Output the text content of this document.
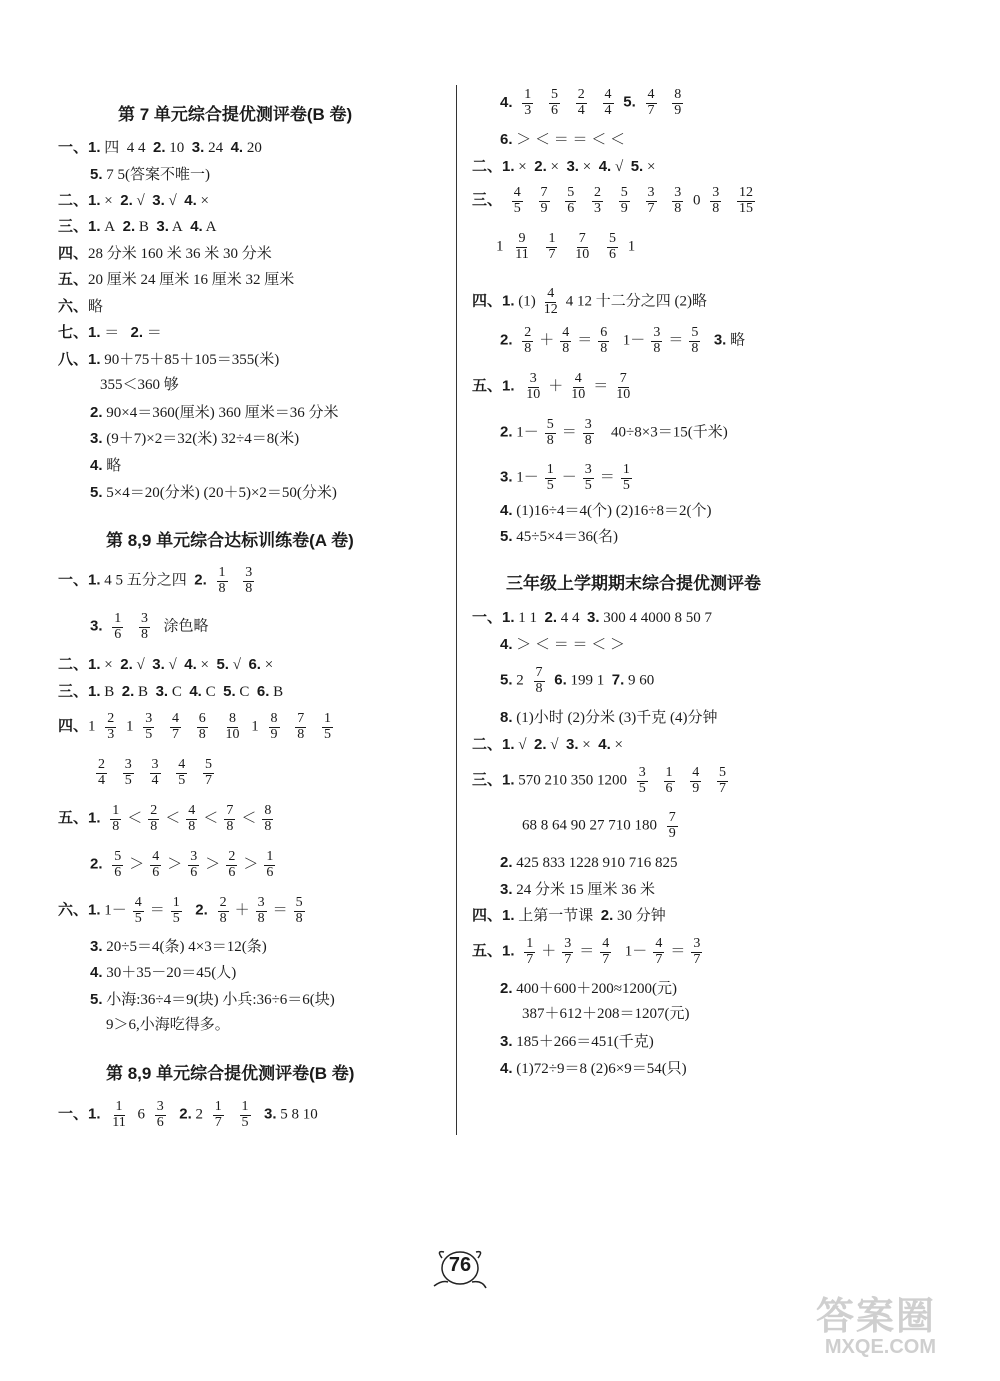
第 7 单元综合提优测评卷(B 卷)
一、1. 四 4 4 2. 10 3. 24 4. 20
5. 7 5(答案不唯一)
二、1. × 2. √ 3. √ 4. ×
三、1. A 2. B 3. A 4. A
四、28 分米 160 米 36 米 30 分米
五、20 厘米 24 厘米 16 厘米 32 厘米
六、略
七、1. ＝ 2. ＝
八、1. 90＋75＋85＋105＝355(米)
355＜360 够
2. 90×4＝360(厘米) 360 厘米＝36 分米
3. (9＋7)×2＝32(米) 32÷4＝8(米)
4. 略
5. 5×4＝20(分米) (20＋5)×2＝50(分米)
第 8,9 单元综合达标训练卷(A 卷)
一、1. 4 5 五分之四 2. $\frac{1}{8}$
$\frac{3}{8}$
3. $\frac{1}{6}$
$\frac{3}{8}$ 涂色略
二、1. × 2. √ 3. √ 4. × 5. √ 6. ×
三、1. B 2. B 3. C 4. C 5. C 6. B
四、$1 \frac{2}{3} 1 \frac{3}{5}$
$\frac{4}{7}$
$\frac{6}{8}$
$\frac{8}{10} 1 \frac{8}{9}$
$\frac{7}{8}$
$\frac{1}{5}$
$\frac{2}{4}$
$\frac{3}{5}$
$\frac{3}{4}$
$\frac{4}{5}$
$\frac{5}{7}$
五、1. $\frac{1}{8} < \frac{2}{8} < \frac{4}{8} < \frac{7}{8} < \frac{8}{8}$
2. $\frac{5}{6} > \frac{4}{6} > \frac{3}{6} > \frac{2}{6} > \frac{1}{6}$
六、1. $1- \frac{4}{5} = \frac{1}{5} 2$. $\frac{2}{8} + \frac{3}{8} = \frac{5}{8}$
3. 20÷5＝4(条) 4×3＝12(条)
4. 30＋35－20＝45(人)
5. 小海:36÷4＝9(块) 小兵:36÷6＝6(块)
9＞6,小海吃得多。
第 8,9 单元综合提优测评卷(B 卷)
一、1. $\frac{1}{11} 6 \frac{3}{6} 2$. $2 \frac{1}{7}$
$\frac{1}{5} 3$. 5 8 10
4. $\frac{1}{3}$
$\frac{5}{6}$
$\frac{2}{4}$
$\frac{4}{4} 5$. $\frac{4}{7}$
$\frac{8}{9}$
6. ＞ ＜ ＝ ＝ ＜ ＜
二、1. × 2. × 3. × 4. √ 5. ×
三、 $\frac{4}{5}$
$\frac{7}{9}$
$\frac{5}{6}$
$\frac{2}{3}$
$\frac{5}{9}$
$\frac{3}{7}$
$\frac{3}{8} 0 \frac{3}{8}$
$\frac{12}{15}$
$1 \frac{9}{11}$
$\frac{1}{7}$
$\frac{7}{10}$
$\frac{5}{6} 1$
四、1. $(1) \frac{4}{12} 4$ 12 十二分之四 (2)略
2. $\frac{2}{8} + \frac{4}{8} = \frac{6}{8} 1- \frac{3}{8} = \frac{5}{8} 3$. 略
五、1. $\frac{3}{10} + \frac{4}{10} = \frac{7}{10}$
2. $1- \frac{5}{8} = \frac{3}{8} 40\div 8\times 3=15$(千米)
3. $1- \frac{1}{5} - \frac{3}{5} = \frac{1}{5}$
4. (1)16÷4＝4(个) (2)16÷8＝2(个)
5. 45÷5×4＝36(名)
三年级上学期期末综合提优测评卷
一、1. 1 1 2. 4 4 3. 300 4 4000 8 50 7
4. ＞ ＜ ＝ ＝ ＜ ＞
5. $2 \frac{7}{8} 6$. 199 1 7. 9 60
8. (1)小时 (2)分米 (3)千克 (4)分钟
二、1. √ 2. √ 3. × 4. ×
三、1. 570 210 350 $1200 \frac{3}{5}$
$\frac{1}{6}$
$\frac{4}{9}$
$\frac{5}{7}$
68 8 64 90 27 710 $180 \frac{7}{9}$
2. 425 833 1228 910 716 825
3. 24 分米 15 厘米 36 米
四、1. 上第一节课 2. 30 分钟
五、1. $\frac{1}{7} + \frac{3}{7} = \frac{4}{7} 1- \frac{4}{7} = \frac{3}{7}$
2. 400＋600＋200≈1200(元)
387＋612＋208＝1207(元)
3. 185＋266＝451(千克)
4. (1)72÷9＝8 (2)6×9＝54(只)
76
答案圈
MXQE.COM
